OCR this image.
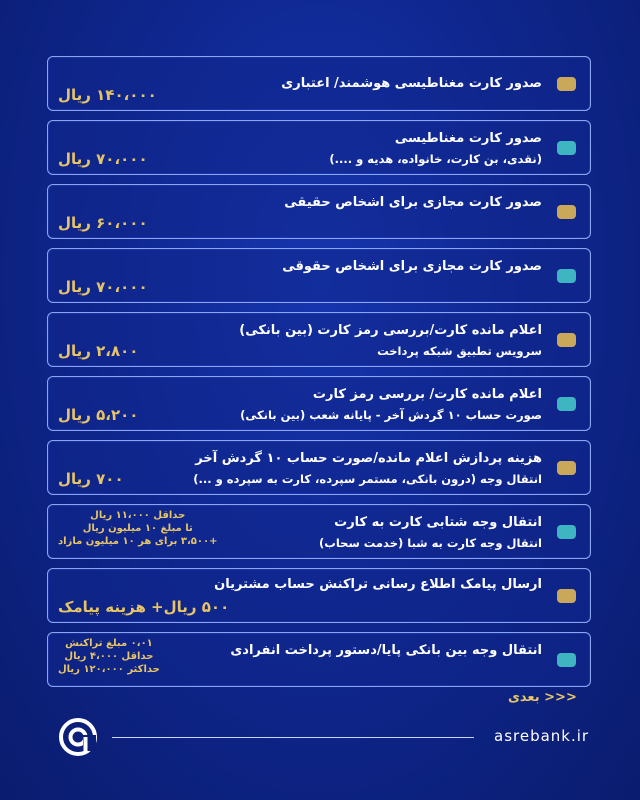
صدور کارت مغناطیسی هوشمند/ اعتباری
۱۴۰،۰۰۰ ریال
صدور کارت مغناطیسی
(نقدی، بن کارت، خانواده، هدیه و ....)
۷۰،۰۰۰ ریال
صدور کارت مجازی برای اشخاص حقیقی
۶۰،۰۰۰ ریال
صدور کارت مجازی برای اشخاص حقوقی
۷۰،۰۰۰ ریال
اعلام مانده کارت/بررسی رمز کارت (بین بانکی)
سرویس تطبیق شبکه پرداخت
۲،۸۰۰ ریال
اعلام مانده کارت/ بررسی رمز کارت
صورت حساب ۱۰ گردش آخر - پایانه شعب (بین بانکی)
۵،۲۰۰ ریال
هزینه پردازش اعلام مانده/صورت حساب ۱۰ گردش آخر
انتقال وجه (درون بانکی، مستمر سپرده، کارت به سپرده و ...)
۷۰۰ ریال
انتقال وجه شتابی کارت به کارت
انتقال وجه کارت به شبا (خدمت سحاب)
حداقل ۱۱،۰۰۰ ریال
تا مبلغ ۱۰ میلیون ریال
+۳،۵۰۰ برای هر ۱۰ میلیون مازاد
ارسال پیامک اطلاع رسانی تراکنش حساب مشتریان
۵۰۰ ریال+ هزینه پیامک
انتقال وجه بین بانکی پایا/دستور پرداخت انفرادی
۰،۰۱ مبلغ تراکنش
حداقل ۴،۰۰۰ ریال
حداکثر ۱۲۰،۰۰۰ ریال
<<< بعدی
asrebank.ir
